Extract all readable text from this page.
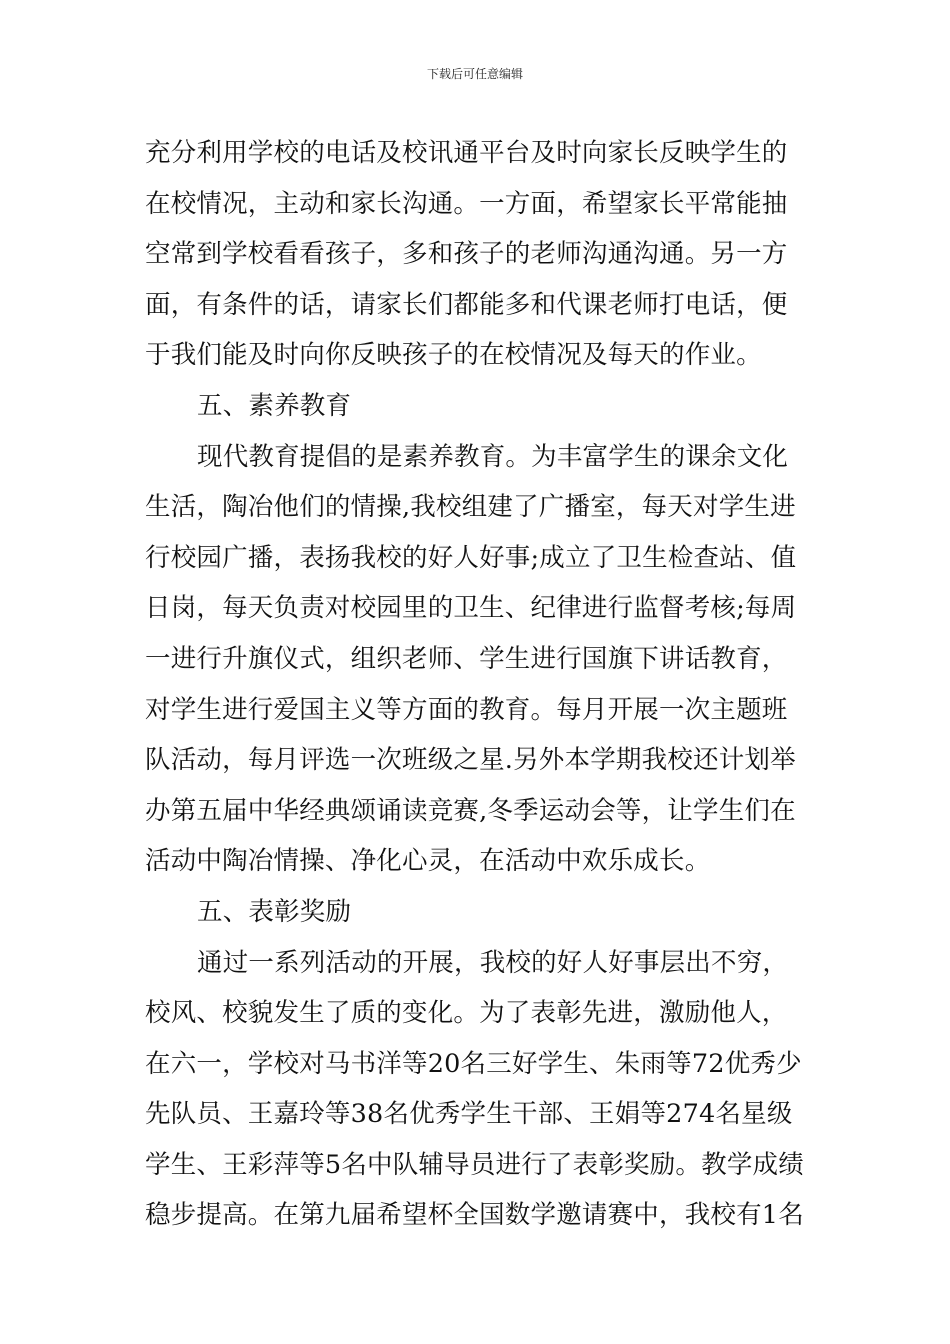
下载后可任意编辑
充分利用学校的电话及校讯通平台及时向家长反映学生的
在校情况，主动和家长沟通。一方面，希望家长平常能抽
空常到学校看看孩子，多和孩子的老师沟通沟通。另一方
面，有条件的话，请家长们都能多和代课老师打电话，便
于我们能及时向你反映孩子的在校情况及每天的作业。
五、素养教育
现代教育提倡的是素养教育。为丰富学生的课余文化
生活，陶冶他们的情操,我校组建了广播室，每天对学生进
行校园广播，表扬我校的好人好事;成立了卫生检查站、值
日岗，每天负责对校园里的卫生、纪律进行监督考核;每周
一进行升旗仪式，组织老师、学生进行国旗下讲话教育，
对学生进行爱国主义等方面的教育。每月开展一次主题班
队活动，每月评选一次班级之星.另外本学期我校还计划举
办第五届中华经典颂诵读竞赛,冬季运动会等，让学生们在
活动中陶冶情操、净化心灵，在活动中欢乐成长。
五、表彰奖励
通过一系列活动的开展，我校的好人好事层出不穷，
校风、校貌发生了质的变化。为了表彰先进，激励他人，
在六一，学校对马书洋等20名三好学生、朱雨等72优秀少
先队员、王嘉玲等38名优秀学生干部、王娟等274名星级
学生、王彩萍等5名中队辅导员进行了表彰奖励。教学成绩
稳步提高。在第九届希望杯全国数学邀请赛中，我校有1名
